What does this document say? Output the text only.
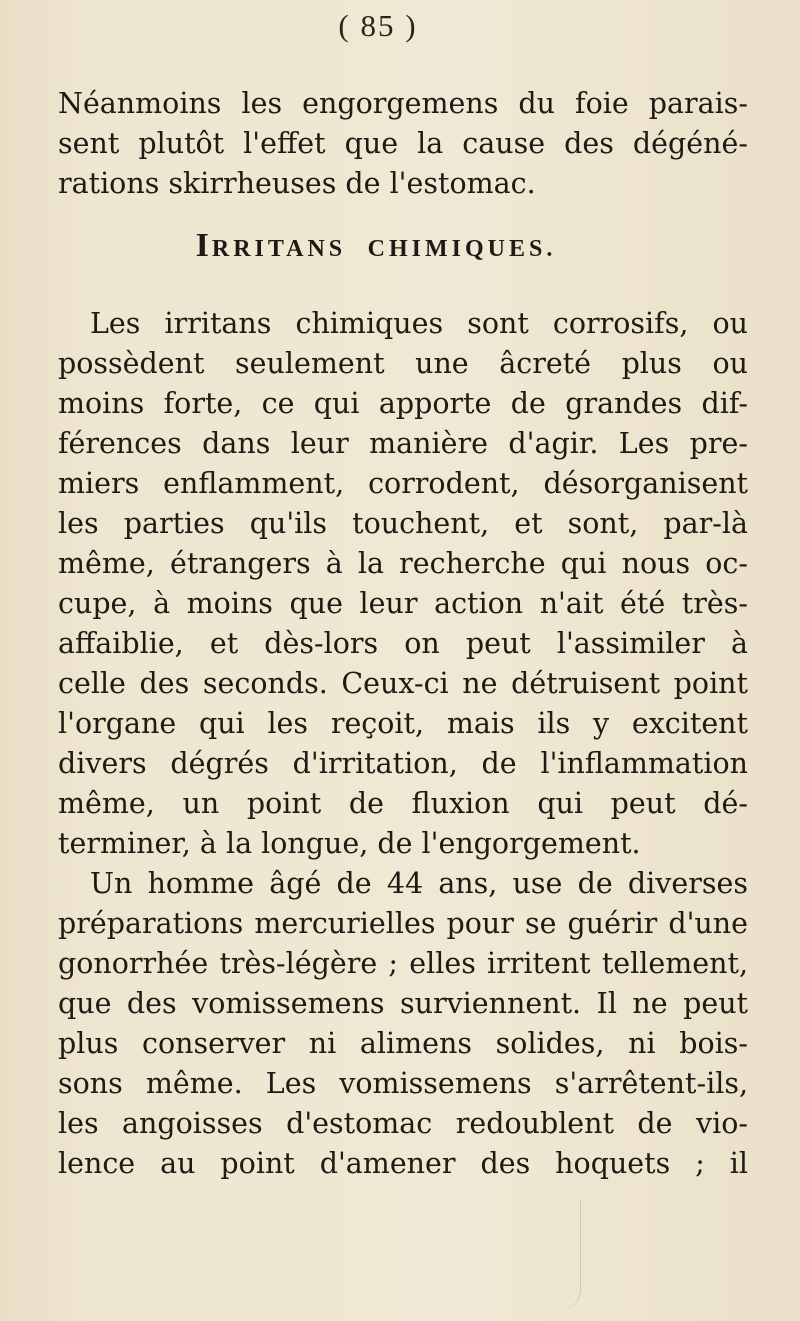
( 85 )
Néanmoins les engorgemens du foie parais-
sent plutôt l'effet que la cause des dégéné-
rations skirrheuses de l'estomac.
IRRITANS CHIMIQUES.
Les irritans chimiques sont corrosifs, ou
possèdent seulement une âcreté plus ou
moins forte, ce qui apporte de grandes dif-
férences dans leur manière d'agir. Les pre-
miers enflamment, corrodent, désorganisent
les parties qu'ils touchent, et sont, par-là
même, étrangers à la recherche qui nous oc-
cupe, à moins que leur action n'ait été très-
affaiblie, et dès-lors on peut l'assimiler à
celle des seconds. Ceux-ci ne détruisent point
l'organe qui les reçoit, mais ils y excitent
divers dégrés d'irritation, de l'inflammation
même, un point de fluxion qui peut dé-
terminer, à la longue, de l'engorgement.
Un homme âgé de 44 ans, use de diverses
préparations mercurielles pour se guérir d'une
gonorrhée très-légère ; elles irritent tellement,
que des vomissemens surviennent. Il ne peut
plus conserver ni alimens solides, ni bois-
sons même. Les vomissemens s'arrêtent-ils,
les angoisses d'estomac redoublent de vio-
lence au point d'amener des hoquets ; il
